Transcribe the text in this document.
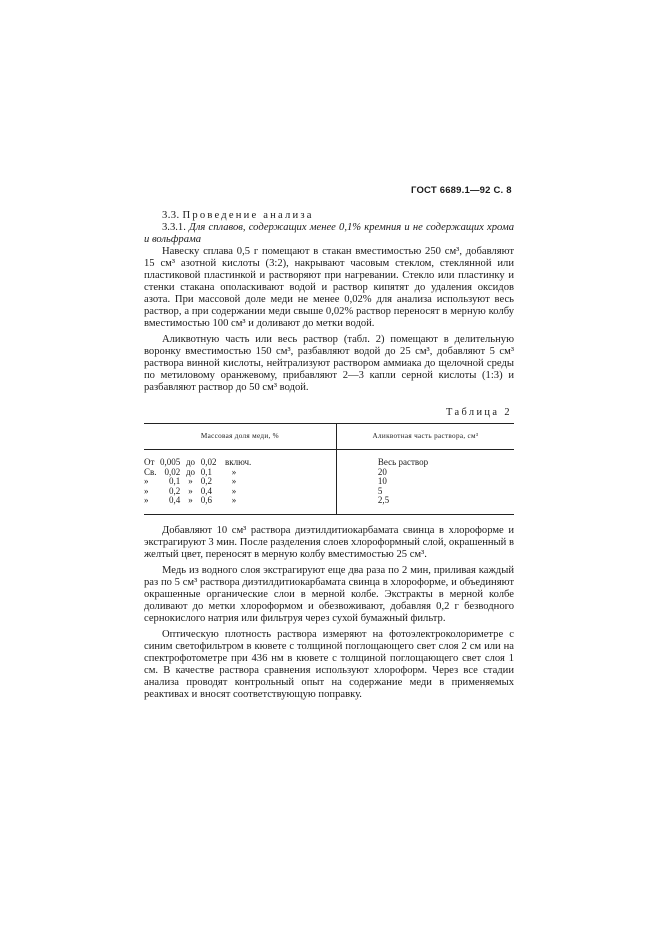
ГОСТ 6689.1—92 С. 8
3.3. Проведение анализа

3.3.1. Для сплавов, содержащих менее 0,1% кремния и не содержащих хрома и вольфрама

Навеску сплава 0,5 г помещают в стакан вместимостью 250 см³, добавляют 15 см³ азотной кислоты (3:2), накрывают часовым стеклом, стеклянной или пластиковой пластинкой и растворяют при нагревании. Стекло или пластинку и стенки стакана ополаскивают водой и раствор кипятят до удаления оксидов азота. При массовой доле меди не менее 0,02% для анализа используют весь раствор, а при содержании меди свыше 0,02% раствор переносят в мерную колбу вместимостью 100 см³ и доливают до метки водой.

Аликвотную часть или весь раствор (табл. 2) помещают в делительную воронку вместимостью 150 см³, разбавляют водой до 25 см³, добавляют 5 см³ раствора винной кислоты, нейтрализуют раствором аммиака до щелочной среды по метиловому оранжевому, прибавляют 2—3 капли серной кислоты (1:3) и разбавляют раствор до 50 см³ водой.

Таблица 2
Массовая доля меди, %	Аликвотная часть раствора, см³
От 0,005 до 0,02 включ.	Весь раствор
Св. 0,02 до 0,1 »	20
» 0,1 » 0,2 »	10
» 0,2 » 0,4 »	5
» 0,4 » 0,6 »	2,5

Добавляют 10 см³ раствора диэтилдитиокарбамата свинца в хлороформе и экстрагируют 3 мин. После разделения слоев хлороформный слой, окрашенный в желтый цвет, переносят в мерную колбу вместимостью 25 см³.

Медь из водного слоя экстрагируют еще два раза по 2 мин, приливая каждый раз по 5 см³ раствора диэтилдитиокарбамата свинца в хлороформе, и объединяют окрашенные органические слои в мерной колбе. Экстракты в мерной колбе доливают до метки хлороформом и обезвоживают, добавляя 0,2 г безводного сернокислого натрия или фильтруя через сухой бумажный фильтр.

Оптическую плотность раствора измеряют на фотоэлектроколориметре с синим светофильтром в кювете с толщиной поглощающего свет слоя 2 см или на спектрофотометре при 436 нм в кювете с толщиной поглощающего свет слоя 1 см. В качестве раствора сравнения используют хлороформ. Через все стадии анализа проводят контрольный опыт на содержание меди в применяемых реактивах и вносят соответствующую поправку.
